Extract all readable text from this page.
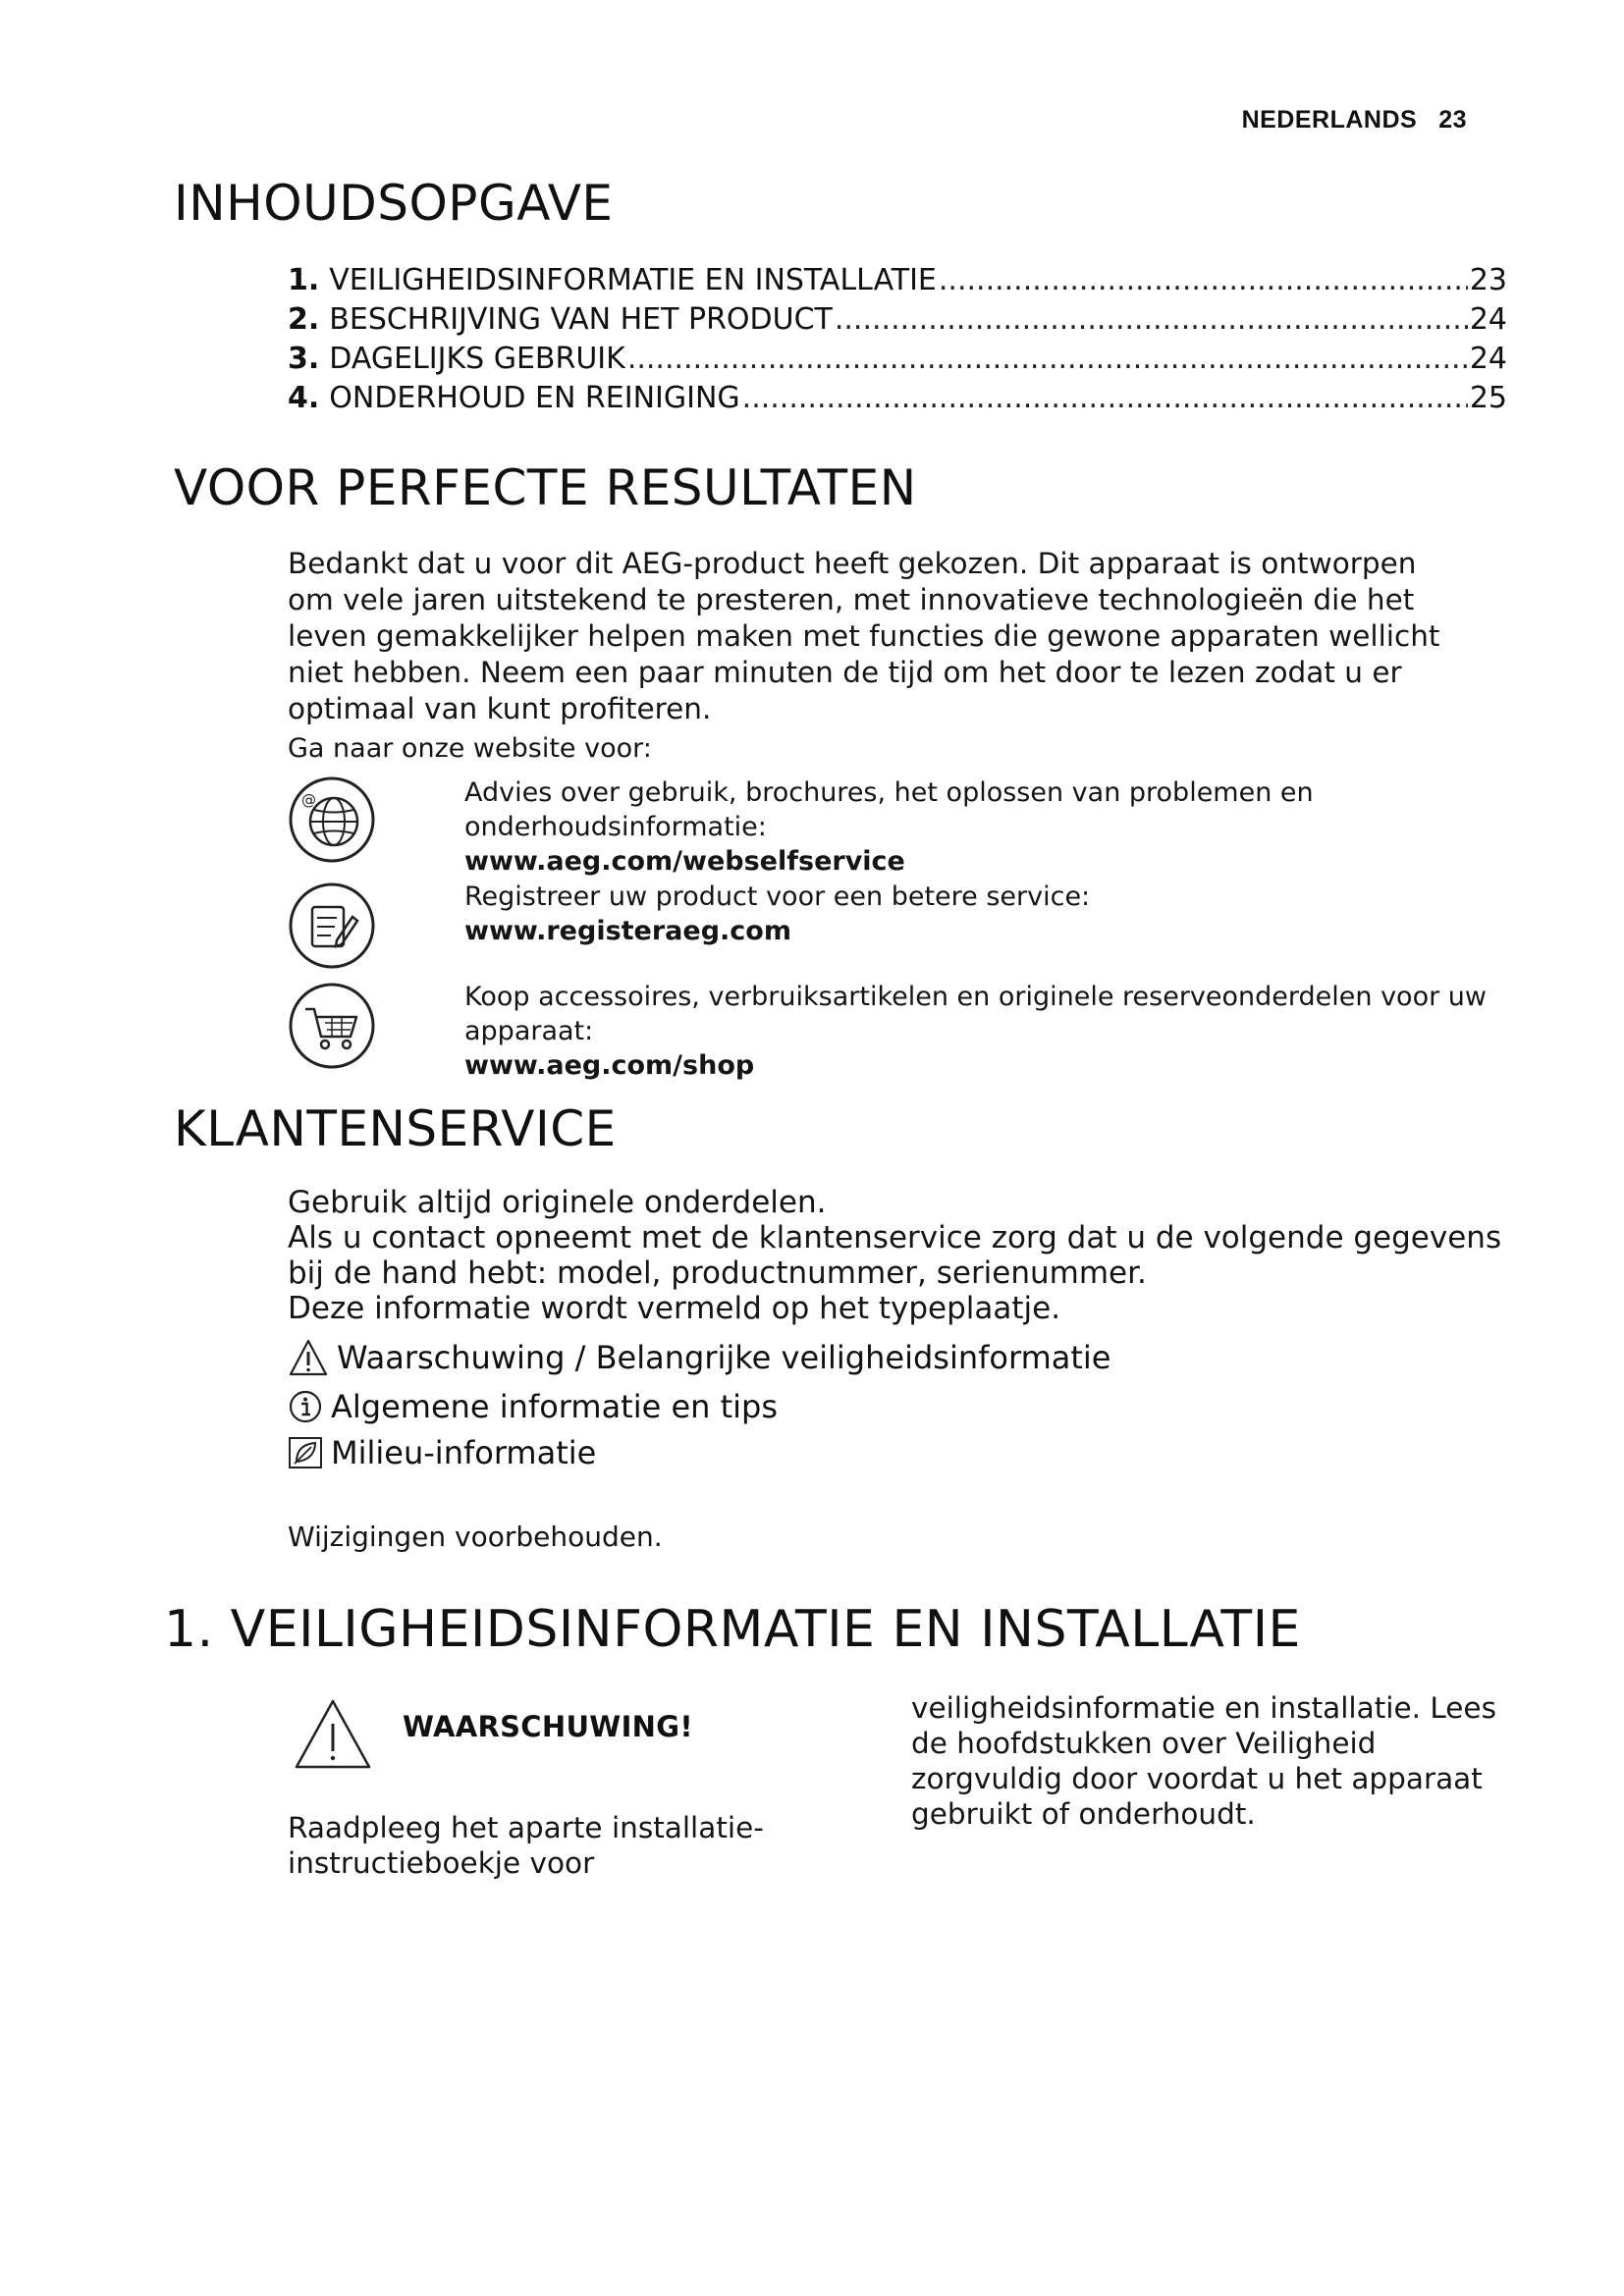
NEDERLANDS 23
INHOUDSOPGAVE
1. VEILIGHEIDSINFORMATIE EN INSTALLATIE .....	23
2. BESCHRIJVING VAN HET PRODUCT .....	24
3. DAGELIJKS GEBRUIK .....	24
4. ONDERHOUD EN REINIGING .....	25
VOOR PERFECTE RESULTATEN
Bedankt dat u voor dit AEG-product heeft gekozen. Dit apparaat is ontworpen
om vele jaren uitstekend te presteren, met innovatieve technologieën die het
leven gemakkelijker helpen maken met functies die gewone apparaten wellicht
niet hebben. Neem een paar minuten de tijd om het door te lezen zodat u er
optimaal van kunt profiteren.
Ga naar onze website voor:
@	Advies over gebruik, brochures, het oplossen van problemen en
onderhoudsinformatie:
www.aeg.com/webselfservice
Registreer uw product voor een betere service:
www.registeraeg.com
Koop accessoires, verbruiksartikelen en originele reserveonderdelen voor uw
apparaat:
www.aeg.com/shop
KLANTENSERVICE
Gebruik altijd originele onderdelen.
Als u contact opneemt met de klantenservice zorg dat u de volgende gegevens
bij de hand hebt: model, productnummer, serienummer.
Deze informatie wordt vermeld op het typeplaatje.
Waarschuwing / Belangrijke veiligheidsinformatie
Algemene informatie en tips
Milieu-informatie
Wijzigingen voorbehouden.
1. VEILIGHEIDSINFORMATIE EN INSTALLATIE
WAARSCHUWING!
Raadpleeg het aparte installatie-
instructieboekje voor
veiligheidsinformatie en installatie. Lees
de hoofdstukken over Veiligheid
zorgvuldig door voordat u het apparaat
gebruikt of onderhoudt.
